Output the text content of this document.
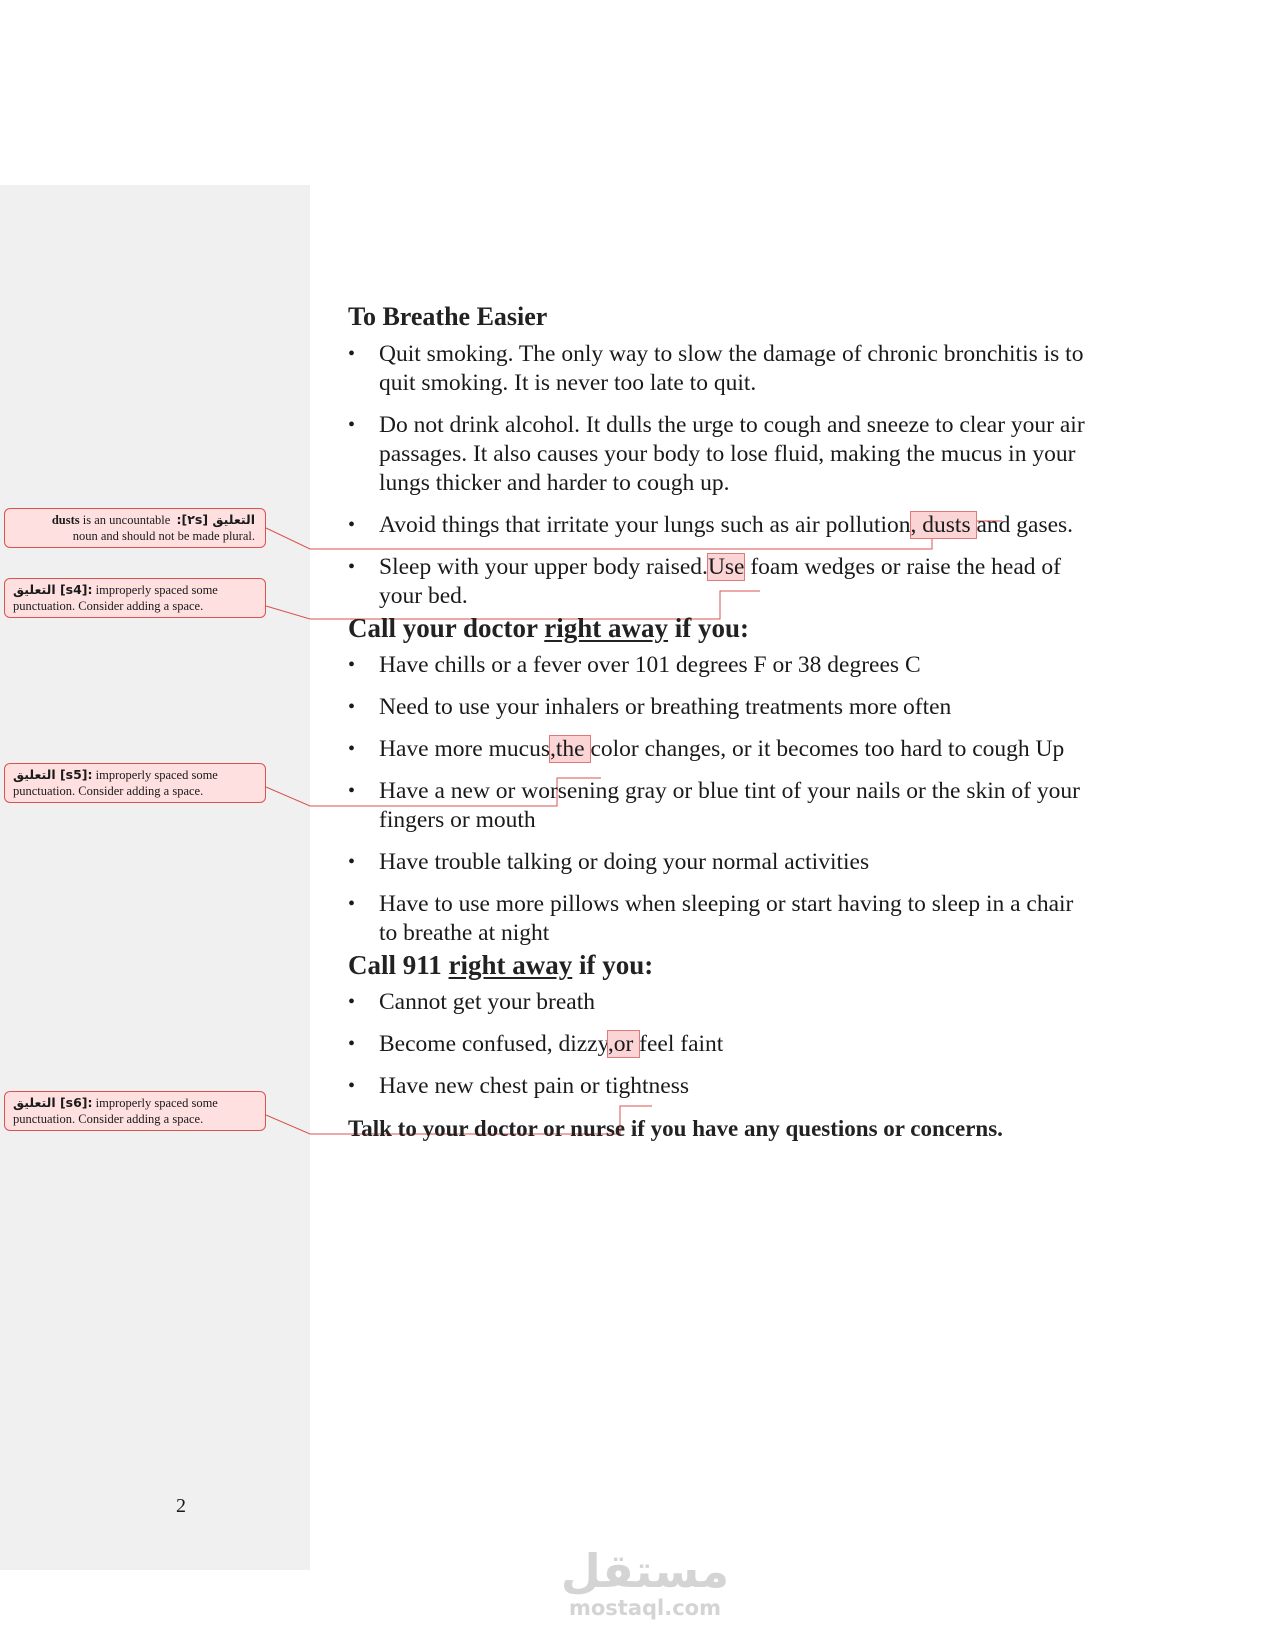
dusts is an uncountable التعليق [٢s]:
noun and should not be made plural.
التعليق [s4]: improperly spaced some punctuation. Consider adding a space.
التعليق [s5]: improperly spaced some punctuation. Consider adding a space.
التعليق [s6]: improperly spaced some punctuation. Consider adding a space.
2
To Breathe Easier
• Quit smoking. The only way to slow the damage of chronic bronchitis is to quit smoking. It is never too late to quit.
• Do not drink alcohol. It dulls the urge to cough and sneeze to clear your air passages. It also causes your body to lose fluid, making the mucus in your lungs thicker and harder to cough up.
• Avoid things that irritate your lungs such as air pollution, dusts and gases.
• Sleep with your upper body raised.Use foam wedges or raise the head of your bed.
Call your doctor right away if you:
• Have chills or a fever over 101 degrees F or 38 degrees C
• Need to use your inhalers or breathing treatments more often
• Have more mucus,the color changes, or it becomes too hard to cough Up
• Have a new or worsening gray or blue tint of your nails or the skin of your fingers or mouth
• Have trouble talking or doing your normal activities
• Have to use more pillows when sleeping or start having to sleep in a chair to breathe at night
Call 911 right away if you:
• Cannot get your breath
• Become confused, dizzy,or feel faint
• Have new chest pain or tightness

Talk to your doctor or nurse if you have any questions or concerns.

مستقل
mostaql.com
